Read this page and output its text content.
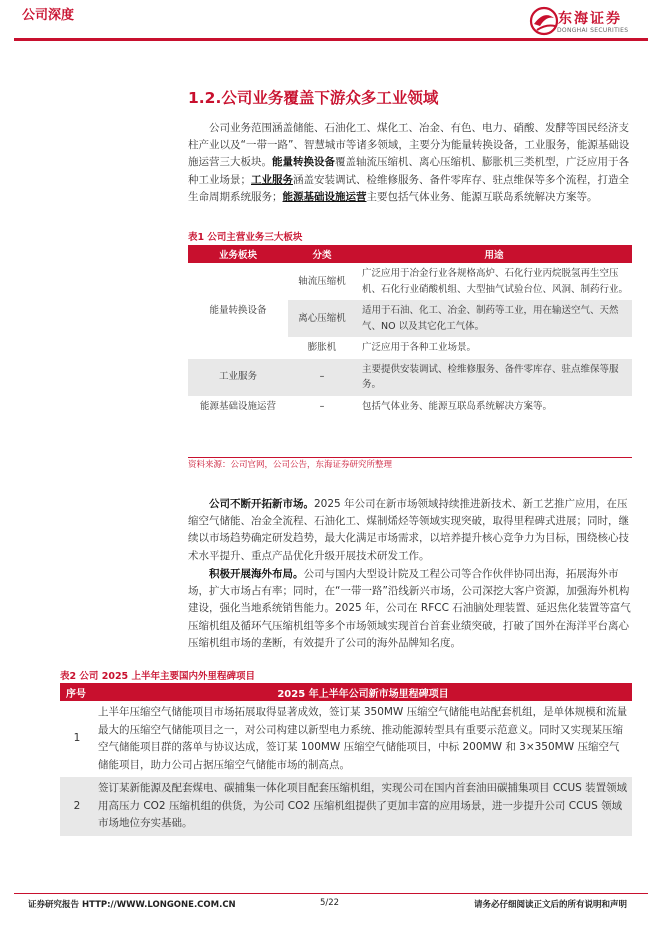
公司深度	东海证券
DONGHAI SECURITIES
1.2.公司业务覆盖下游众多工业领域

公司业务范围涵盖储能、石油化工、煤化工、冶金、有色、电力、硝酸、发酵等国民经济支柱产业以及“一带一路”、智慧城市等诸多领域，主要分为能量转换设备，工业服务，能源基础设施运营三大板块。能量转换设备覆盖轴流压缩机、离心压缩机、膨胀机三类机型，广泛应用于各种工业场景；工业服务涵盖安装调试、检维修服务、备件零库存、驻点维保等多个流程，打造全生命周期系统服务；能源基础设施运营主要包括气体业务、能源互联岛系统解决方案等。

表1 公司主营业务三大板块
业务板块	分类	用途
能量转换设备	轴流压缩机	广泛应用于冶金行业各规格高炉、石化行业丙烷脱氢再生空压机、石化行业硝酸机组、大型抽气试验台位、风洞、制药行业。
	离心压缩机	适用于石油、化工、冶金、制药等工业，用在输送空气、天然气、NO 以及其它化工气体。
	膨胀机	广泛应用于各种工业场景。
工业服务	–	主要提供安装调试、检维修服务、备件零库存、驻点维保等服务。
能源基础设施运营	–	包括气体业务、能源互联岛系统解决方案等。
资料来源：公司官网，公司公告，东海证券研究所整理

公司不断开拓新市场。2025 年公司在新市场领域持续推进新技术、新工艺推广应用，在压缩空气储能、冶金全流程、石油化工、煤制烯烃等领域实现突破，取得里程碑式进展；同时，继续以市场趋势确定研发趋势，最大化满足市场需求，以培养提升核心竞争力为目标，围绕核心技术水平提升、重点产品优化升级开展技术研发工作。

积极开展海外布局。公司与国内大型设计院及工程公司等合作伙伴协同出海，拓展海外市场，扩大市场占有率；同时，在“一带一路”沿线新兴市场，公司深挖大客户资源，加强海外机构建设，强化当地系统销售能力。2025 年，公司在 RFCC 石油脑处理装置、延迟焦化装置等富气压缩机组及循环气压缩机组等多个市场领域实现首台首套业绩突破，打破了国外在海洋平台离心压缩机组市场的垄断，有效提升了公司的海外品牌知名度。

表2 公司 2025 上半年主要国内外里程碑项目
序号	2025 年上半年公司新市场里程碑项目
1	上半年压缩空气储能项目市场拓展取得显著成效，签订某 350MW 压缩空气储能电站配套机组，是单体规模和流量最大的压缩空气储能项目之一，对公司构建以新型电力系统、推动能源转型具有重要示范意义。同时又实现某压缩空气储能项目群的落单与协议达成，签订某 100MW 压缩空气储能项目，中标 200MW 和 3×350MW 压缩空气储能项目，助力公司占据压缩空气储能市场的制高点。
2	签订某新能源及配套煤电、碳捕集一体化项目配套压缩机组，实现公司在国内首套油田碳捕集项目 CCUS 装置领域用高压力 CO2 压缩机组的供货，为公司 CO2 压缩机组提供了更加丰富的应用场景，进一步提升公司 CCUS 领域市场地位夯实基础。
证券研究报告 HTTP://WWW.LONGONE.COM.CN	5/22	请务必仔细阅读正文后的所有说明和声明
